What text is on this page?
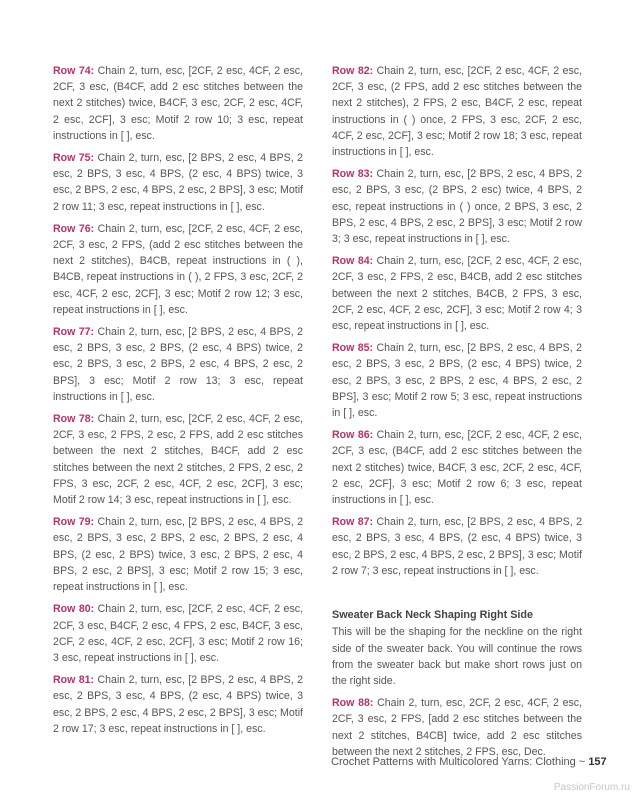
Row 74: Chain 2, turn, esc, [2CF, 2 esc, 4CF, 2 esc, 2CF, 3 esc, (B4CF, add 2 esc stitches between the next 2 stitches) twice, B4CF, 3 esc, 2CF, 2 esc, 4CF, 2 esc, 2CF], 3 esc; Motif 2 row 10; 3 esc, repeat instructions in [ ], esc.

Row 75: Chain 2, turn, esc, [2 BPS, 2 esc, 4 BPS, 2 esc, 2 BPS, 3 esc, 4 BPS, (2 esc, 4 BPS) twice, 3 esc, 2 BPS, 2 esc, 4 BPS, 2 esc, 2 BPS], 3 esc; Motif 2 row 11; 3 esc, repeat instructions in [ ], esc.

Row 76: Chain 2, turn, esc, [2CF, 2 esc, 4CF, 2 esc, 2CF, 3 esc, 2 FPS, (add 2 esc stitches between the next 2 stitches), B4CB, repeat instructions in ( ), B4CB, repeat instructions in ( ), 2 FPS, 3 esc, 2CF, 2 esc, 4CF, 2 esc, 2CF], 3 esc; Motif 2 row 12; 3 esc, repeat instructions in [ ], esc.

Row 77: Chain 2, turn, esc, [2 BPS, 2 esc, 4 BPS, 2 esc, 2 BPS, 3 esc, 2 BPS, (2 esc, 4 BPS) twice, 2 esc, 2 BPS, 3 esc, 2 BPS, 2 esc, 4 BPS, 2 esc, 2 BPS], 3 esc; Motif 2 row 13; 3 esc, repeat instructions in [ ], esc.

Row 78: Chain 2, turn, esc, [2CF, 2 esc, 4CF, 2 esc, 2CF, 3 esc, 2 FPS, 2 esc, 2 FPS, add 2 esc stitches between the next 2 stitches, B4CF, add 2 esc stitches between the next 2 stitches, 2 FPS, 2 esc, 2 FPS, 3 esc, 2CF, 2 esc, 4CF, 2 esc, 2CF], 3 esc; Motif 2 row 14; 3 esc, repeat instructions in [ ], esc.

Row 79: Chain 2, turn, esc, [2 BPS, 2 esc, 4 BPS, 2 esc, 2 BPS, 3 esc, 2 BPS, 2 esc, 2 BPS, 2 esc, 4 BPS, (2 esc, 2 BPS) twice, 3 esc, 2 BPS, 2 esc, 4 BPS, 2 esc, 2 BPS], 3 esc; Motif 2 row 15; 3 esc, repeat instructions in [ ], esc.

Row 80: Chain 2, turn, esc, [2CF, 2 esc, 4CF, 2 esc, 2CF, 3 esc, B4CF, 2 esc, 4 FPS, 2 esc, B4CF, 3 esc, 2CF, 2 esc, 4CF, 2 esc, 2CF], 3 esc; Motif 2 row 16; 3 esc, repeat instructions in [ ], esc.

Row 81: Chain 2, turn, esc, [2 BPS, 2 esc, 4 BPS, 2 esc, 2 BPS, 3 esc, 4 BPS, (2 esc, 4 BPS) twice, 3 esc, 2 BPS, 2 esc, 4 BPS, 2 esc, 2 BPS], 3 esc; Motif 2 row 17; 3 esc, repeat instructions in [ ], esc.

Row 82: Chain 2, turn, esc, [2CF, 2 esc, 4CF, 2 esc, 2CF, 3 esc, (2 FPS, add 2 esc stitches between the next 2 stitches), 2 FPS, 2 esc, B4CF, 2 esc, repeat instructions in ( ) once, 2 FPS, 3 esc, 2CF, 2 esc, 4CF, 2 esc, 2CF], 3 esc; Motif 2 row 18; 3 esc, repeat instructions in [ ], esc.

Row 83: Chain 2, turn, esc, [2 BPS, 2 esc, 4 BPS, 2 esc, 2 BPS, 3 esc, (2 BPS, 2 esc) twice, 4 BPS, 2 esc, repeat instructions in ( ) once, 2 BPS, 3 esc, 2 BPS, 2 esc, 4 BPS, 2 esc, 2 BPS], 3 esc; Motif 2 row 3; 3 esc, repeat instructions in [ ], esc.

Row 84: Chain 2, turn, esc, [2CF, 2 esc, 4CF, 2 esc, 2CF, 3 esc, 2 FPS, 2 esc, B4CB, add 2 esc stitches between the next 2 stitches, B4CB, 2 FPS, 3 esc, 2CF, 2 esc, 4CF, 2 esc, 2CF], 3 esc; Motif 2 row 4; 3 esc, repeat instructions in [ ], esc.

Row 85: Chain 2, turn, esc, [2 BPS, 2 esc, 4 BPS, 2 esc, 2 BPS, 3 esc, 2 BPS, (2 esc, 4 BPS) twice, 2 esc, 2 BPS, 3 esc, 2 BPS, 2 esc, 4 BPS, 2 esc, 2 BPS], 3 esc; Motif 2 row 5; 3 esc, repeat instructions in [ ], esc.

Row 86: Chain 2, turn, esc, [2CF, 2 esc, 4CF, 2 esc, 2CF, 3 esc, (B4CF, add 2 esc stitches between the next 2 stitches) twice, B4CF, 3 esc, 2CF, 2 esc, 4CF, 2 esc, 2CF], 3 esc; Motif 2 row 6; 3 esc, repeat instructions in [ ], esc.

Row 87: Chain 2, turn, esc, [2 BPS, 2 esc, 4 BPS, 2 esc, 2 BPS, 3 esc, 4 BPS, (2 esc, 4 BPS) twice, 3 esc, 2 BPS, 2 esc, 4 BPS, 2 esc, 2 BPS], 3 esc; Motif 2 row 7; 3 esc, repeat instructions in [ ], esc.

Sweater Back Neck Shaping Right Side

This will be the shaping for the neckline on the right side of the sweater back. You will continue the rows from the sweater back but make short rows just on the right side.

Row 88: Chain 2, turn, esc, 2CF, 2 esc, 4CF, 2 esc, 2CF, 3 esc, 2 FPS, [add 2 esc stitches between the next 2 stitches, B4CB] twice, add 2 esc stitches between the next 2 stitches, 2 FPS, esc, Dec.

Crochet Patterns with Multicolored Yarns: Clothing ~ 157
PassionForum.ru
